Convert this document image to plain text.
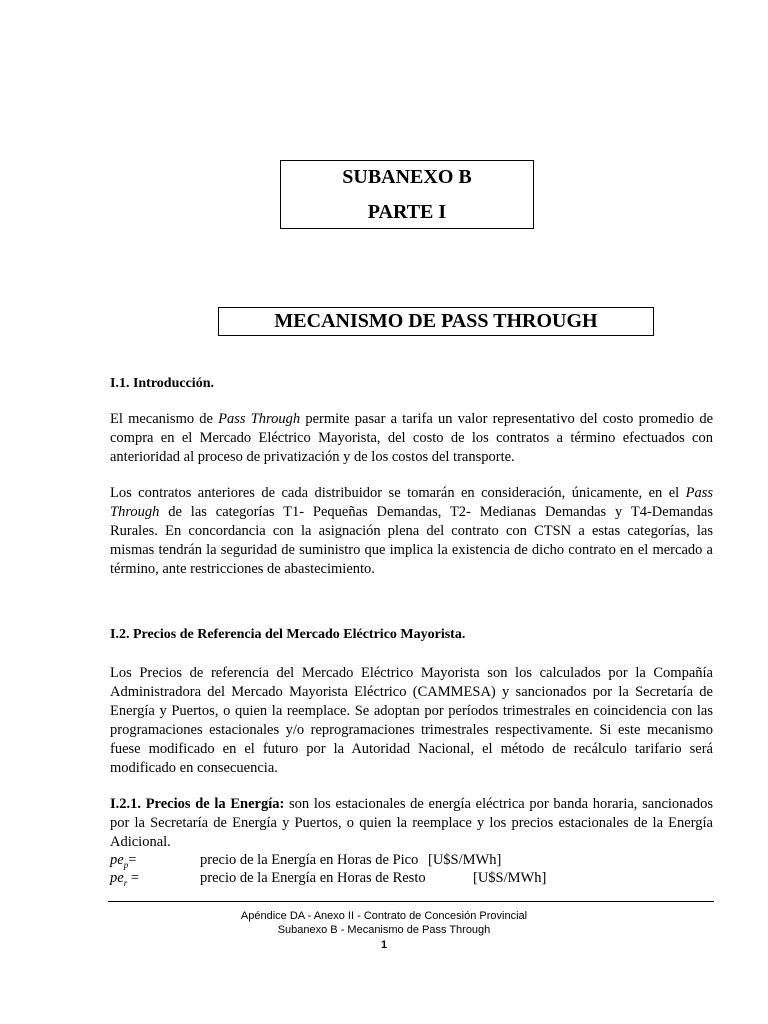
SUBANEXO B
PARTE I
MECANISMO DE PASS THROUGH
I.1. Introducción.
El mecanismo de Pass Through permite pasar a tarifa un valor representativo del costo promedio de
compra en el Mercado Eléctrico Mayorista, del costo de los contratos a término efectuados con
anterioridad al proceso de privatización y de los costos del transporte.
Los contratos anteriores de cada distribuidor se tomarán en consideración, únicamente, en el Pass
Through de las categorías T1- Pequeñas Demandas, T2- Medianas Demandas y T4-Demandas
Rurales. En concordancia con la asignación plena del contrato con CTSN a estas categorías, las
mismas tendrán la seguridad de suministro que implica la existencia de dicho contrato en el mercado a
término, ante restricciones de abastecimiento.
I.2. Precios de Referencia del Mercado Eléctrico Mayorista.
Los Precios de referencia del Mercado Eléctrico Mayorista son los calculados por la Compañía
Administradora del Mercado Mayorista Eléctrico (CAMMESA) y sancionados por la Secretaría de
Energía y Puertos, o quien la reemplace. Se adoptan por períodos trimestrales en coincidencia con las
programaciones estacionales y/o reprogramaciones trimestrales respectivamente. Si este mecanismo
fuese modificado en el futuro por la Autoridad Nacional, el método de recálculo tarifario será
modificado en consecuencia.
I.2.1. Precios de la Energía: son los estacionales de energía eléctrica por banda horaria, sancionados
por la Secretaría de Energía y Puertos, o quien la reemplace y los precios estacionales de la Energía
Adicional.
$pe_p=$	precio de la Energía en Horas de Pico [U$S/MWh]
$pe_r$ =	precio de la Energía en Horas de Resto	[U$S/MWh]
Apéndice DA - Anexo II - Contrato de Concesión Provincial
Subanexo B - Mecanismo de Pass Through
1
